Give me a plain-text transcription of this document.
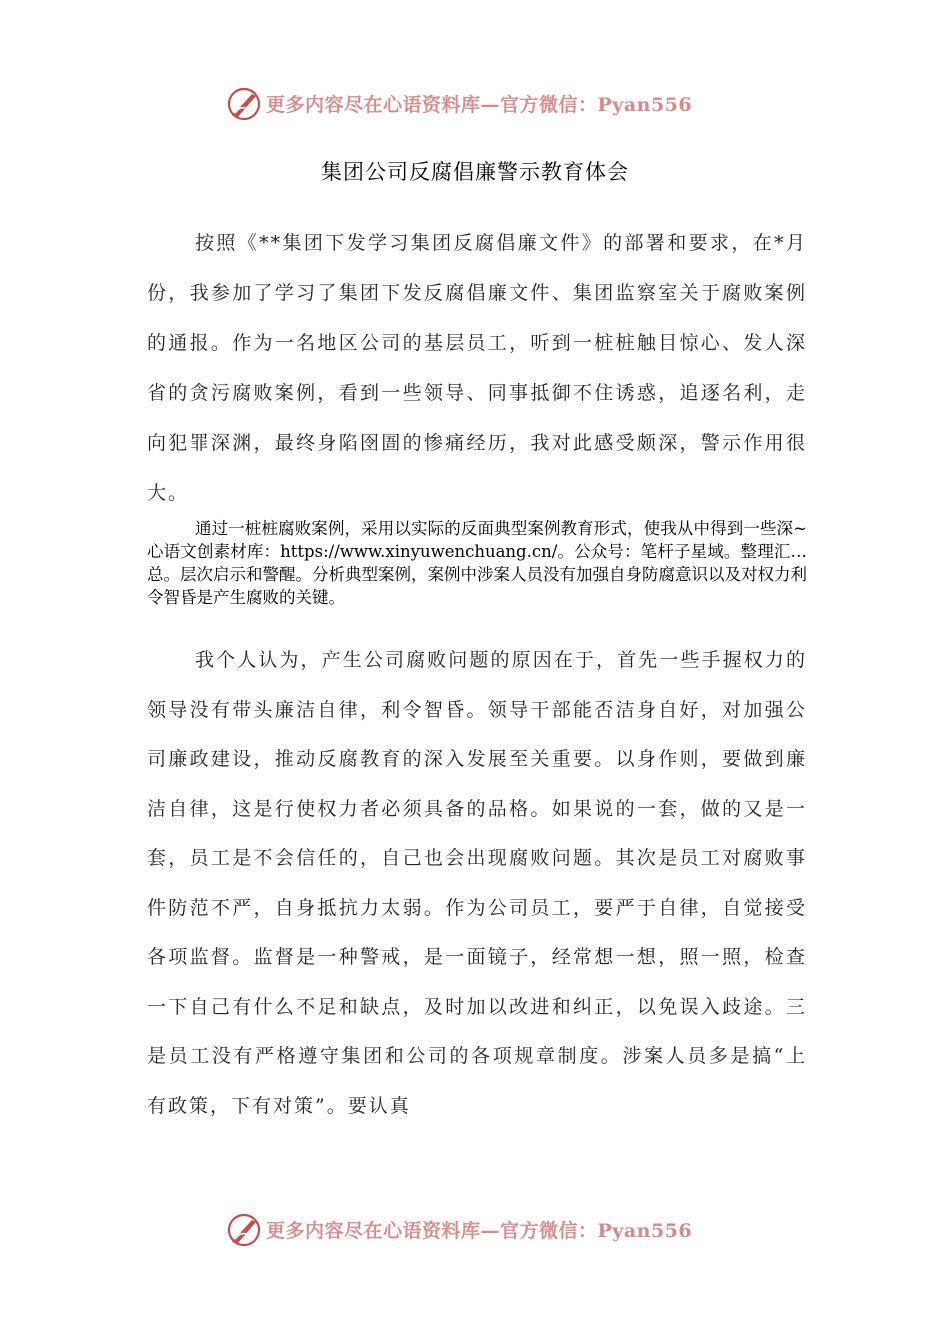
更多内容尽在心语资料库—官方微信：Pyan556
集团公司反腐倡廉警示教育体会

按照《**集团下发学习集团反腐倡廉文件》的部署和要求，在*月份，我参加了学习了集团下发反腐倡廉文件、集团监察室关于腐败案例的通报。作为一名地区公司的基层员工，听到一桩桩触目惊心、发人深省的贪污腐败案例，看到一些领导、同事抵御不住诱惑，追逐名利，走向犯罪深渊，最终身陷囹圄的惨痛经历，我对此感受颇深，警示作用很大。

通过一桩桩腐败案例，采用以实际的反面典型案例教育形式，使我从中得到一些深~心语文创素材库：https://www.xinyuwenchuang.cn/。公众号：笔杆子星域。整理汇…总。层次启示和警醒。分析典型案例，案例中涉案人员没有加强自身防腐意识以及对权力利令智昏是产生腐败的关键。

我个人认为，产生公司腐败问题的原因在于，首先一些手握权力的领导没有带头廉洁自律，利令智昏。领导干部能否洁身自好，对加强公司廉政建设，推动反腐教育的深入发展至关重要。以身作则，要做到廉洁自律，这是行使权力者必须具备的品格。如果说的一套，做的又是一套，员工是不会信任的，自己也会出现腐败问题。其次是员工对腐败事件防范不严，自身抵抗力太弱。作为公司员工，要严于自律，自觉接受各项监督。监督是一种警戒，是一面镜子，经常想一想，照一照，检查一下自己有什么不足和缺点，及时加以改进和纠正，以免误入歧途。三是员工没有严格遵守集团和公司的各项规章制度。涉案人员多是搞“上有政策，下有对策”。要认真

更多内容尽在心语资料库—官方微信：Pyan556
